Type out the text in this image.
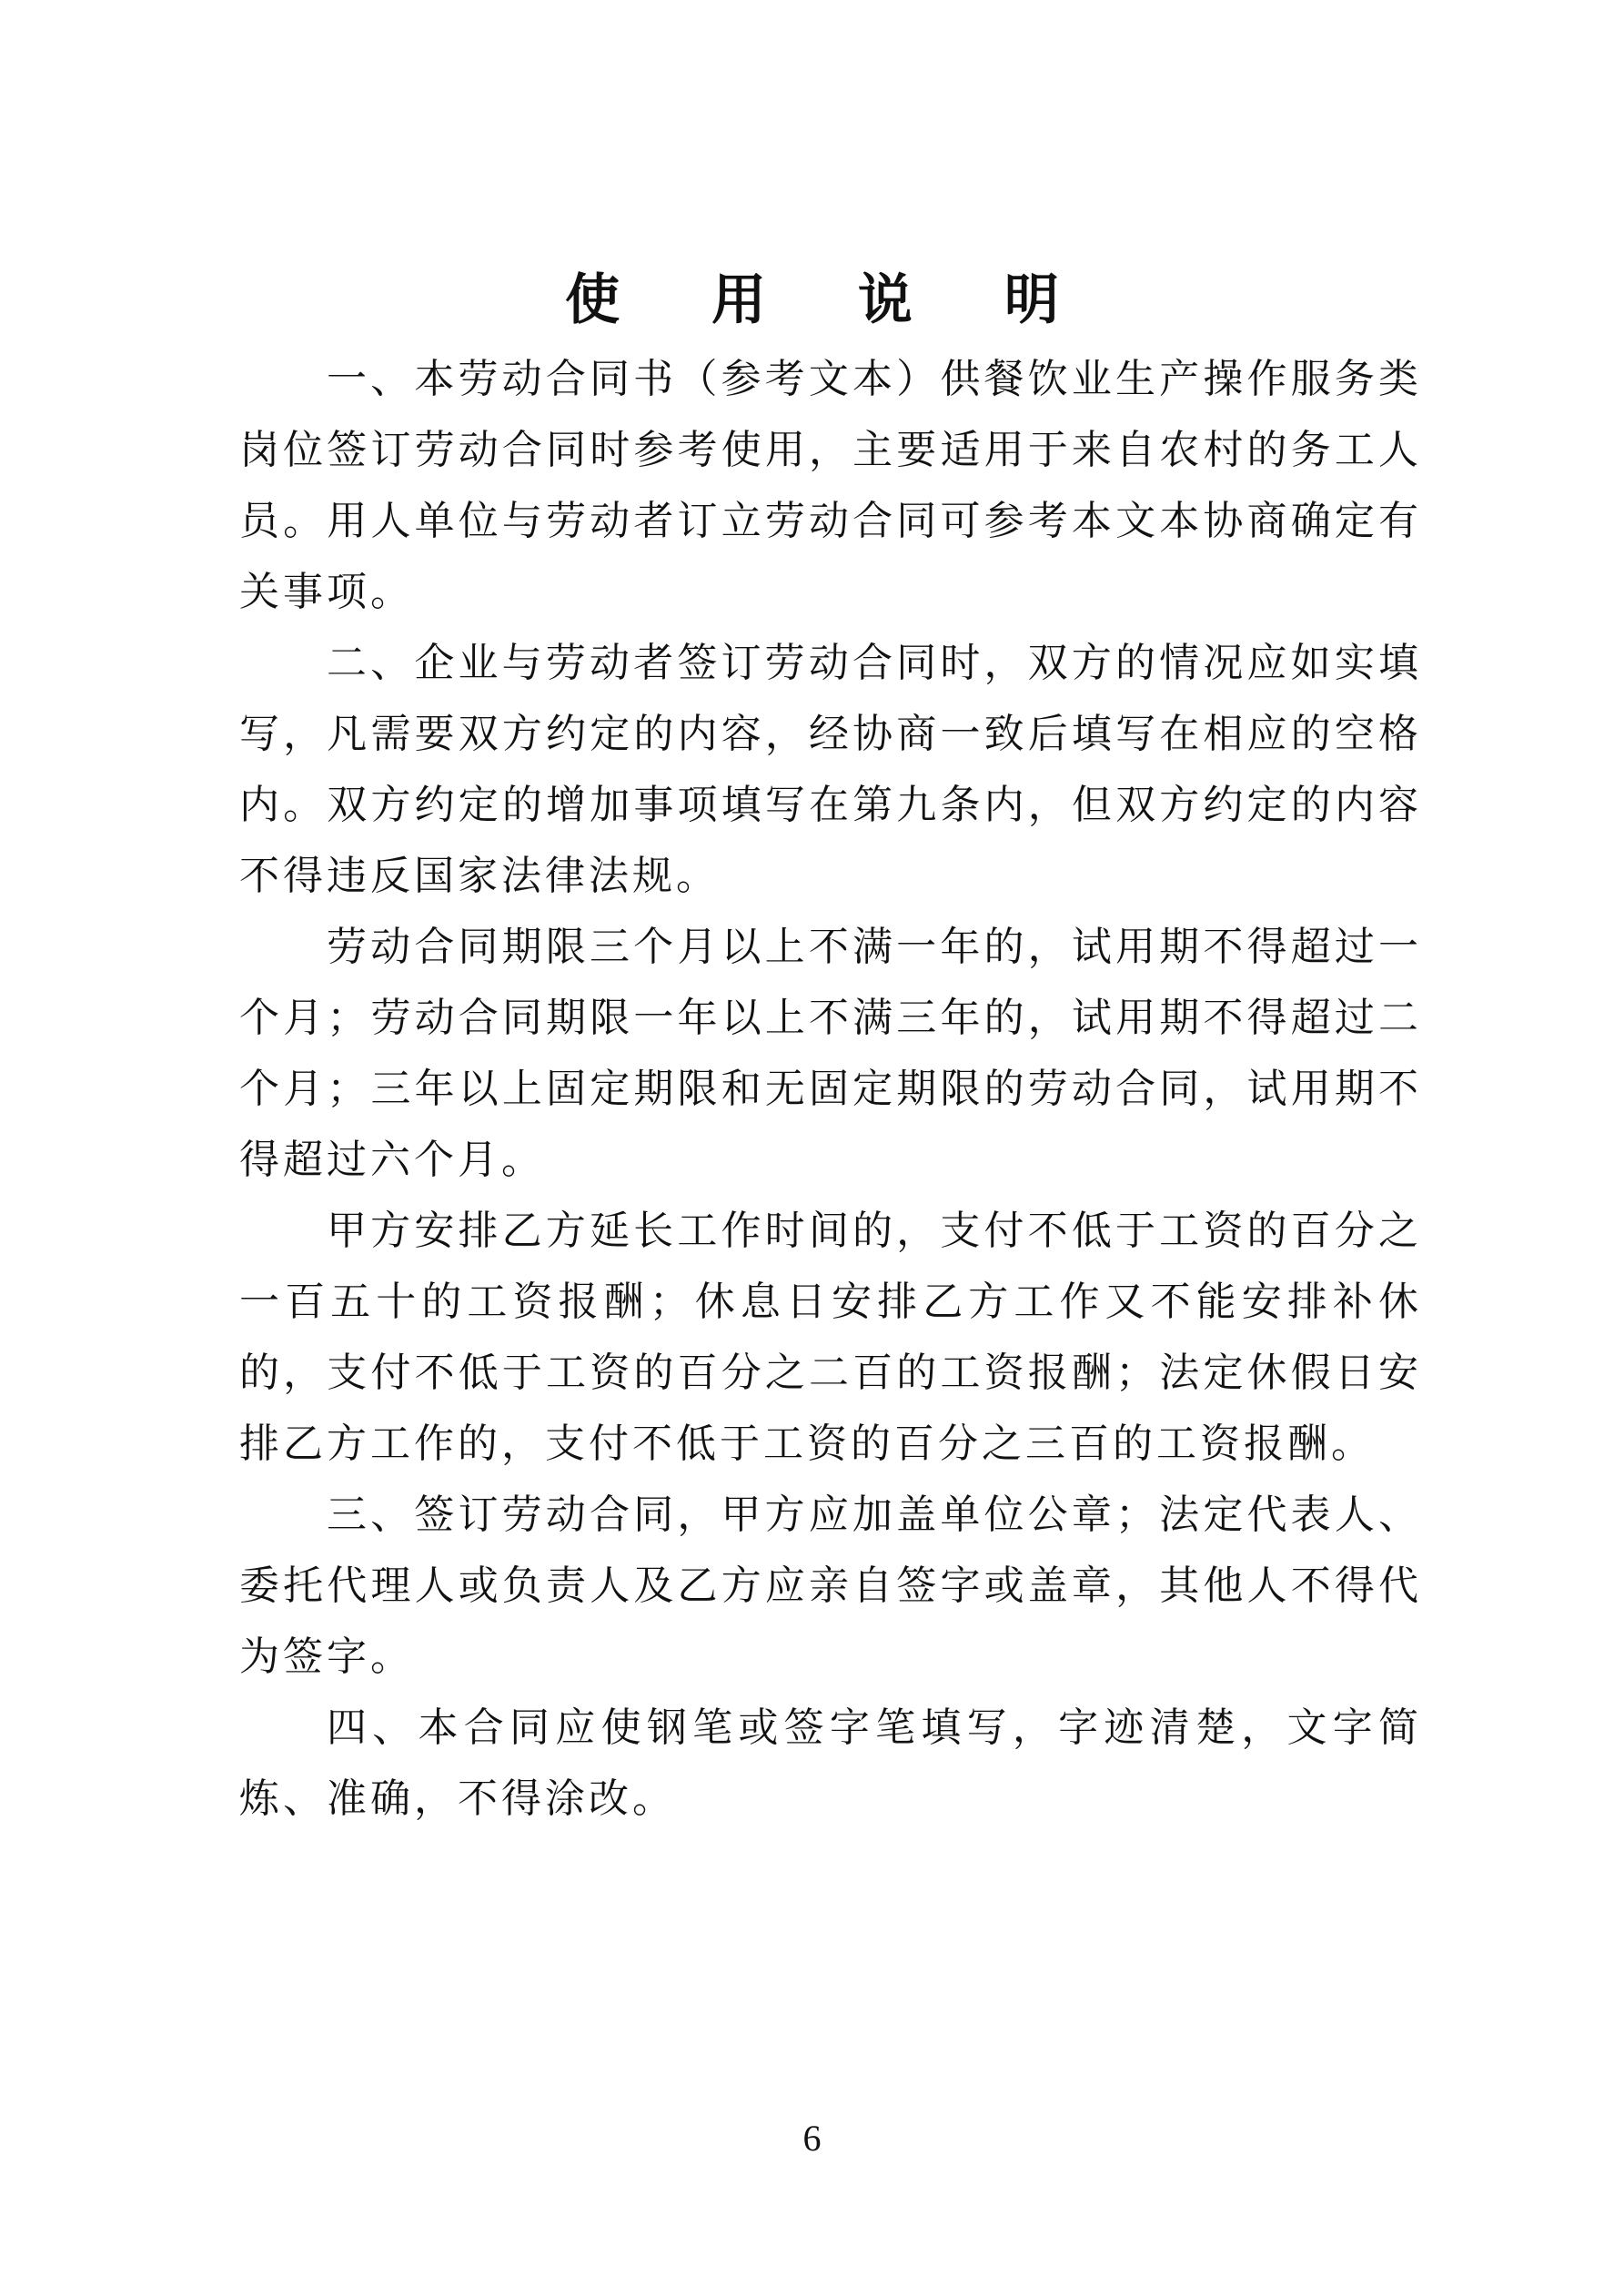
使 用 说 明

一、本劳动合同书（参考文本）供餐饮业生产操作服务类岗位签订劳动合同时参考使用，主要适用于来自农村的务工人员。用人单位与劳动者订立劳动合同可参考本文本协商确定有关事项。

二、企业与劳动者签订劳动合同时，双方的情况应如实填写，凡需要双方约定的内容，经协商一致后填写在相应的空格内。双方约定的增加事项填写在第九条内，但双方约定的内容不得违反国家法律法规。

劳动合同期限三个月以上不满一年的，试用期不得超过一个月；劳动合同期限一年以上不满三年的，试用期不得超过二个月；三年以上固定期限和无固定期限的劳动合同，试用期不得超过六个月。

甲方安排乙方延长工作时间的，支付不低于工资的百分之一百五十的工资报酬；休息日安排乙方工作又不能安排补休的，支付不低于工资的百分之二百的工资报酬；法定休假日安排乙方工作的，支付不低于工资的百分之三百的工资报酬。

三、签订劳动合同，甲方应加盖单位公章；法定代表人、委托代理人或负责人及乙方应亲自签字或盖章，其他人不得代为签字。

四、本合同应使钢笔或签字笔填写，字迹清楚，文字简炼、准确，不得涂改。

6
